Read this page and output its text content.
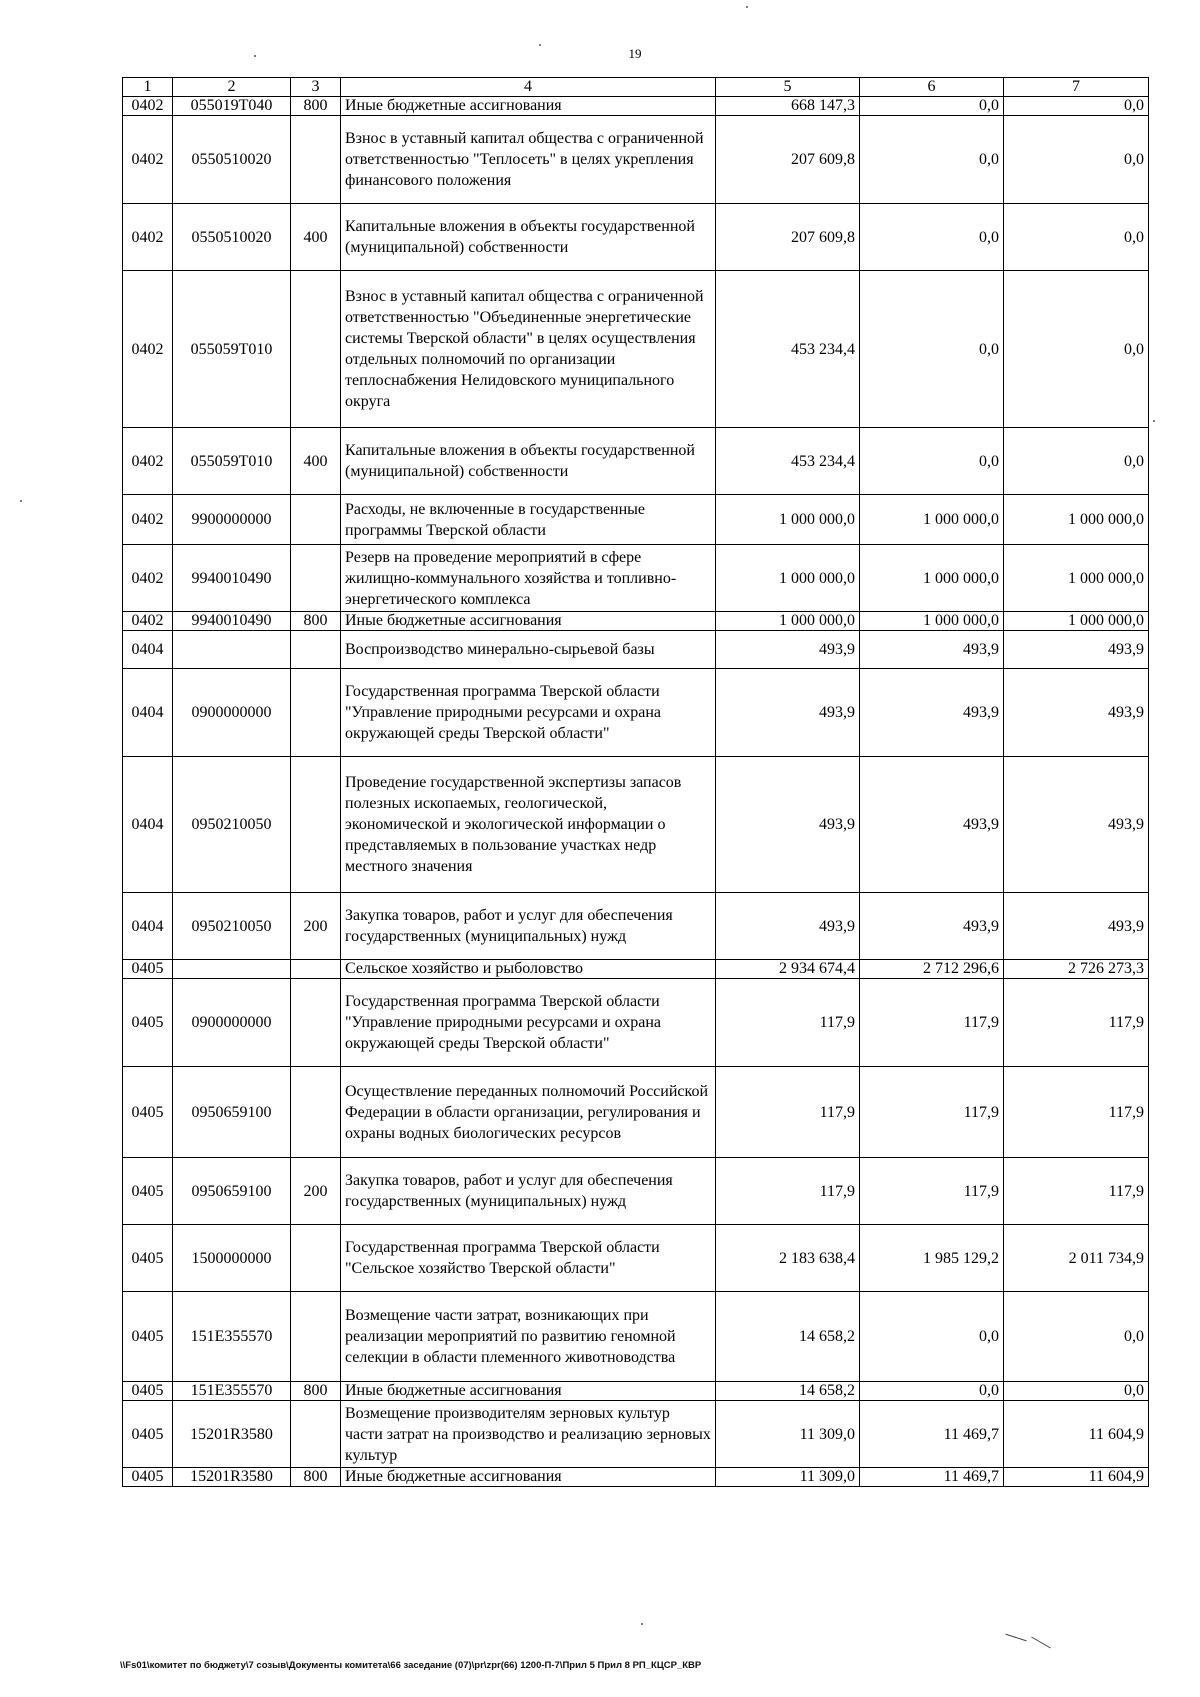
19
1	2	3	4	5	6	7
0402	055019T040	800	Иные бюджетные ассигнования	668 147,3	0,0	0,0
0402	0550510020		Взнос в уставный капитал общества с ограниченной ответственностью "Теплосеть" в целях укрепления финансового положения	207 609,8	0,0	0,0
0402	0550510020	400	Капитальные вложения в объекты государственной (муниципальной) собственности	207 609,8	0,0	0,0
0402	055059T010		Взнос в уставный капитал общества с ограниченной ответственностью "Объединенные энергетические системы Тверской области" в целях осуществления отдельных полномочий по организации теплоснабжения Нелидовского муниципального округа	453 234,4	0,0	0,0
0402	055059T010	400	Капитальные вложения в объекты государственной (муниципальной) собственности	453 234,4	0,0	0,0
0402	9900000000		Расходы, не включенные в государственные программы Тверской области	1 000 000,0	1 000 000,0	1 000 000,0
0402	9940010490		Резерв на проведение мероприятий в сфере жилищно-коммунального хозяйства и топливно-энергетического комплекса	1 000 000,0	1 000 000,0	1 000 000,0
0402	9940010490	800	Иные бюджетные ассигнования	1 000 000,0	1 000 000,0	1 000 000,0
0404			Воспроизводство минерально-сырьевой базы	493,9	493,9	493,9
0404	0900000000		Государственная программа Тверской области "Управление природными ресурсами и охрана окружающей среды Тверской области"	493,9	493,9	493,9
0404	0950210050		Проведение государственной экспертизы запасов полезных ископаемых, геологической, экономической и экологической информации о представляемых в пользование участках недр местного значения	493,9	493,9	493,9
0404	0950210050	200	Закупка товаров, работ и услуг для обеспечения государственных (муниципальных) нужд	493,9	493,9	493,9
0405			Сельское хозяйство и рыболовство	2 934 674,4	2 712 296,6	2 726 273,3
0405	0900000000		Государственная программа Тверской области "Управление природными ресурсами и охрана окружающей среды Тверской области"	117,9	117,9	117,9
0405	0950659100		Осуществление переданных полномочий Российской Федерации в области организации, регулирования и охраны водных биологических ресурсов	117,9	117,9	117,9
0405	0950659100	200	Закупка товаров, работ и услуг для обеспечения государственных (муниципальных) нужд	117,9	117,9	117,9
0405	1500000000		Государственная программа Тверской области "Сельское хозяйство Тверской области"	2 183 638,4	1 985 129,2	2 011 734,9
0405	151E355570		Возмещение части затрат, возникающих при реализации мероприятий по развитию геномной селекции в области племенного животноводства	14 658,2	0,0	0,0
0405	151E355570	800	Иные бюджетные ассигнования	14 658,2	0,0	0,0
0405	15201R3580		Возмещение производителям зерновых культур части затрат на производство и реализацию зерновых культур	11 309,0	11 469,7	11 604,9
0405	15201R3580	800	Иные бюджетные ассигнования	11 309,0	11 469,7	11 604,9
\\Fs01\комитет по бюджету\7 созыв\Документы комитета\66 заседание (07)\pr\zpr(66) 1200-П-7\Прил 5 Прил 8 РП_КЦСР_КВР
